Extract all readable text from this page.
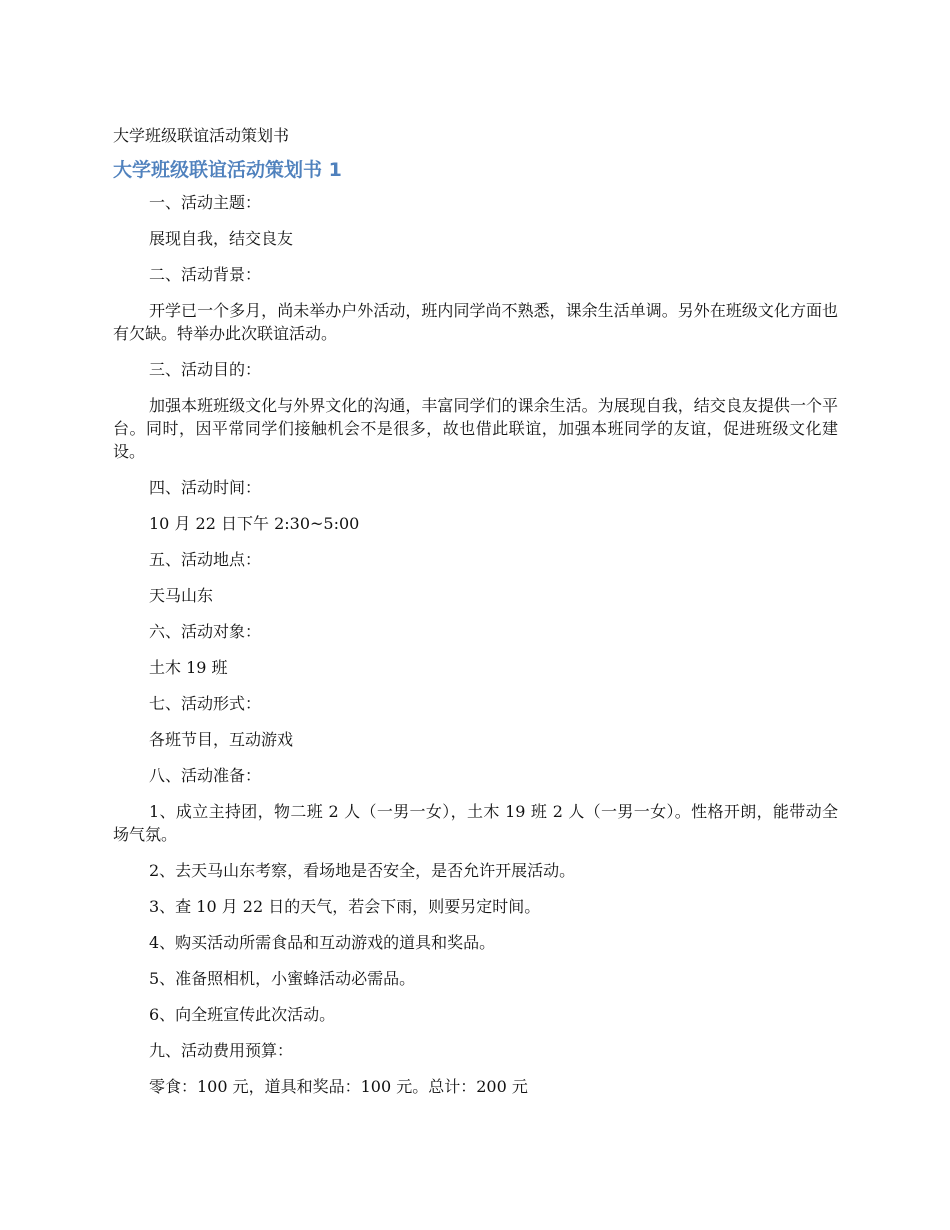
大学班级联谊活动策划书
大学班级联谊活动策划书 1

一、活动主题：

展现自我，结交良友

二、活动背景：

开学已一个多月，尚未举办户外活动，班内同学尚不熟悉，课余生活单调。另外在班级文化方面也有欠缺。特举办此次联谊活动。

三、活动目的：

加强本班班级文化与外界文化的沟通，丰富同学们的课余生活。为展现自我，结交良友提供一个平台。同时，因平常同学们接触机会不是很多，故也借此联谊，加强本班同学的友谊，促进班级文化建设。

四、活动时间：

10 月 22 日下午 2:30~5:00

五、活动地点：

天马山东

六、活动对象：

土木 19 班

七、活动形式：

各班节目，互动游戏

八、活动准备：

1、成立主持团，物二班 2 人（一男一女），土木 19 班 2 人（一男一女）。性格开朗，能带动全场气氛。

2、去天马山东考察，看场地是否安全，是否允许开展活动。

3、查 10 月 22 日的天气，若会下雨，则要另定时间。

4、购买活动所需食品和互动游戏的道具和奖品。

5、准备照相机，小蜜蜂活动必需品。

6、向全班宣传此次活动。

九、活动费用预算：

零食：100 元，道具和奖品：100 元。总计：200 元
